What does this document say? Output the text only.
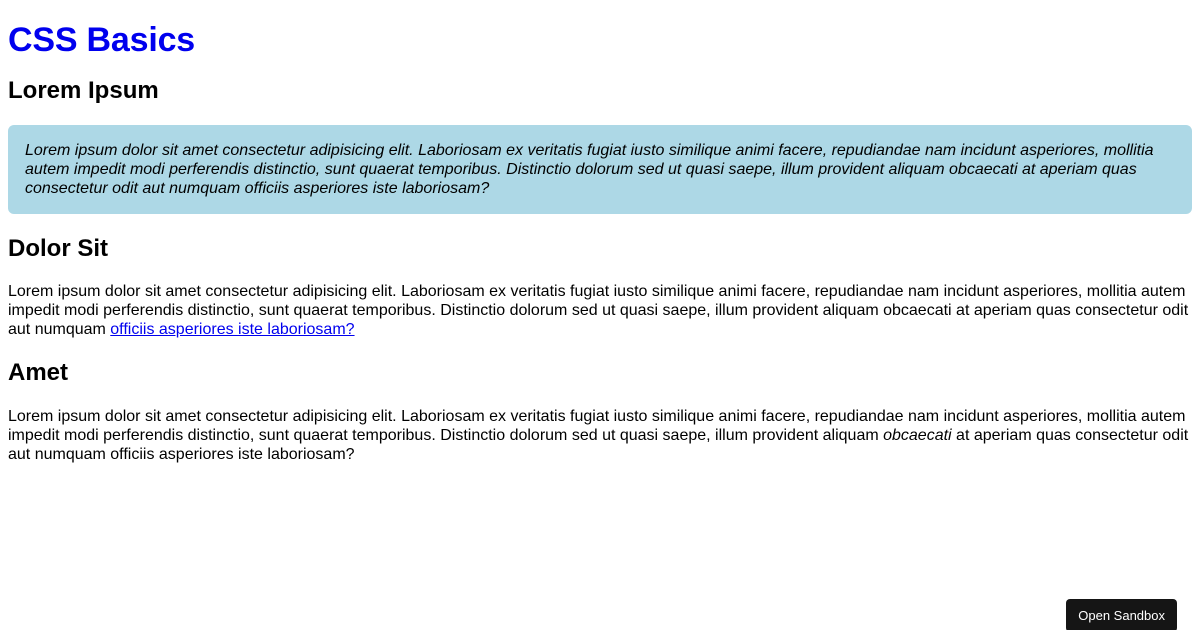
CSS Basics
Lorem Ipsum
Lorem ipsum dolor sit amet consectetur adipisicing elit. Laboriosam ex veritatis fugiat iusto similique animi facere, repudiandae nam incidunt asperiores, mollitia autem impedit modi perferendis distinctio, sunt quaerat temporibus. Distinctio dolorum sed ut quasi saepe, illum provident aliquam obcaecati at aperiam quas consectetur odit aut numquam officiis asperiores iste laboriosam?
Dolor Sit

Lorem ipsum dolor sit amet consectetur adipisicing elit. Laboriosam ex veritatis fugiat iusto similique animi facere, repudiandae nam incidunt asperiores, mollitia autem impedit modi perferendis distinctio, sunt quaerat temporibus. Distinctio dolorum sed ut quasi saepe, illum provident aliquam obcaecati at aperiam quas consectetur odit aut numquam officiis asperiores iste laboriosam?

Amet

Lorem ipsum dolor sit amet consectetur adipisicing elit. Laboriosam ex veritatis fugiat iusto similique animi facere, repudiandae nam incidunt asperiores, mollitia autem impedit modi perferendis distinctio, sunt quaerat temporibus. Distinctio dolorum sed ut quasi saepe, illum provident aliquam obcaecati at aperiam quas consectetur odit aut numquam officiis asperiores iste laboriosam?

Open Sandbox
